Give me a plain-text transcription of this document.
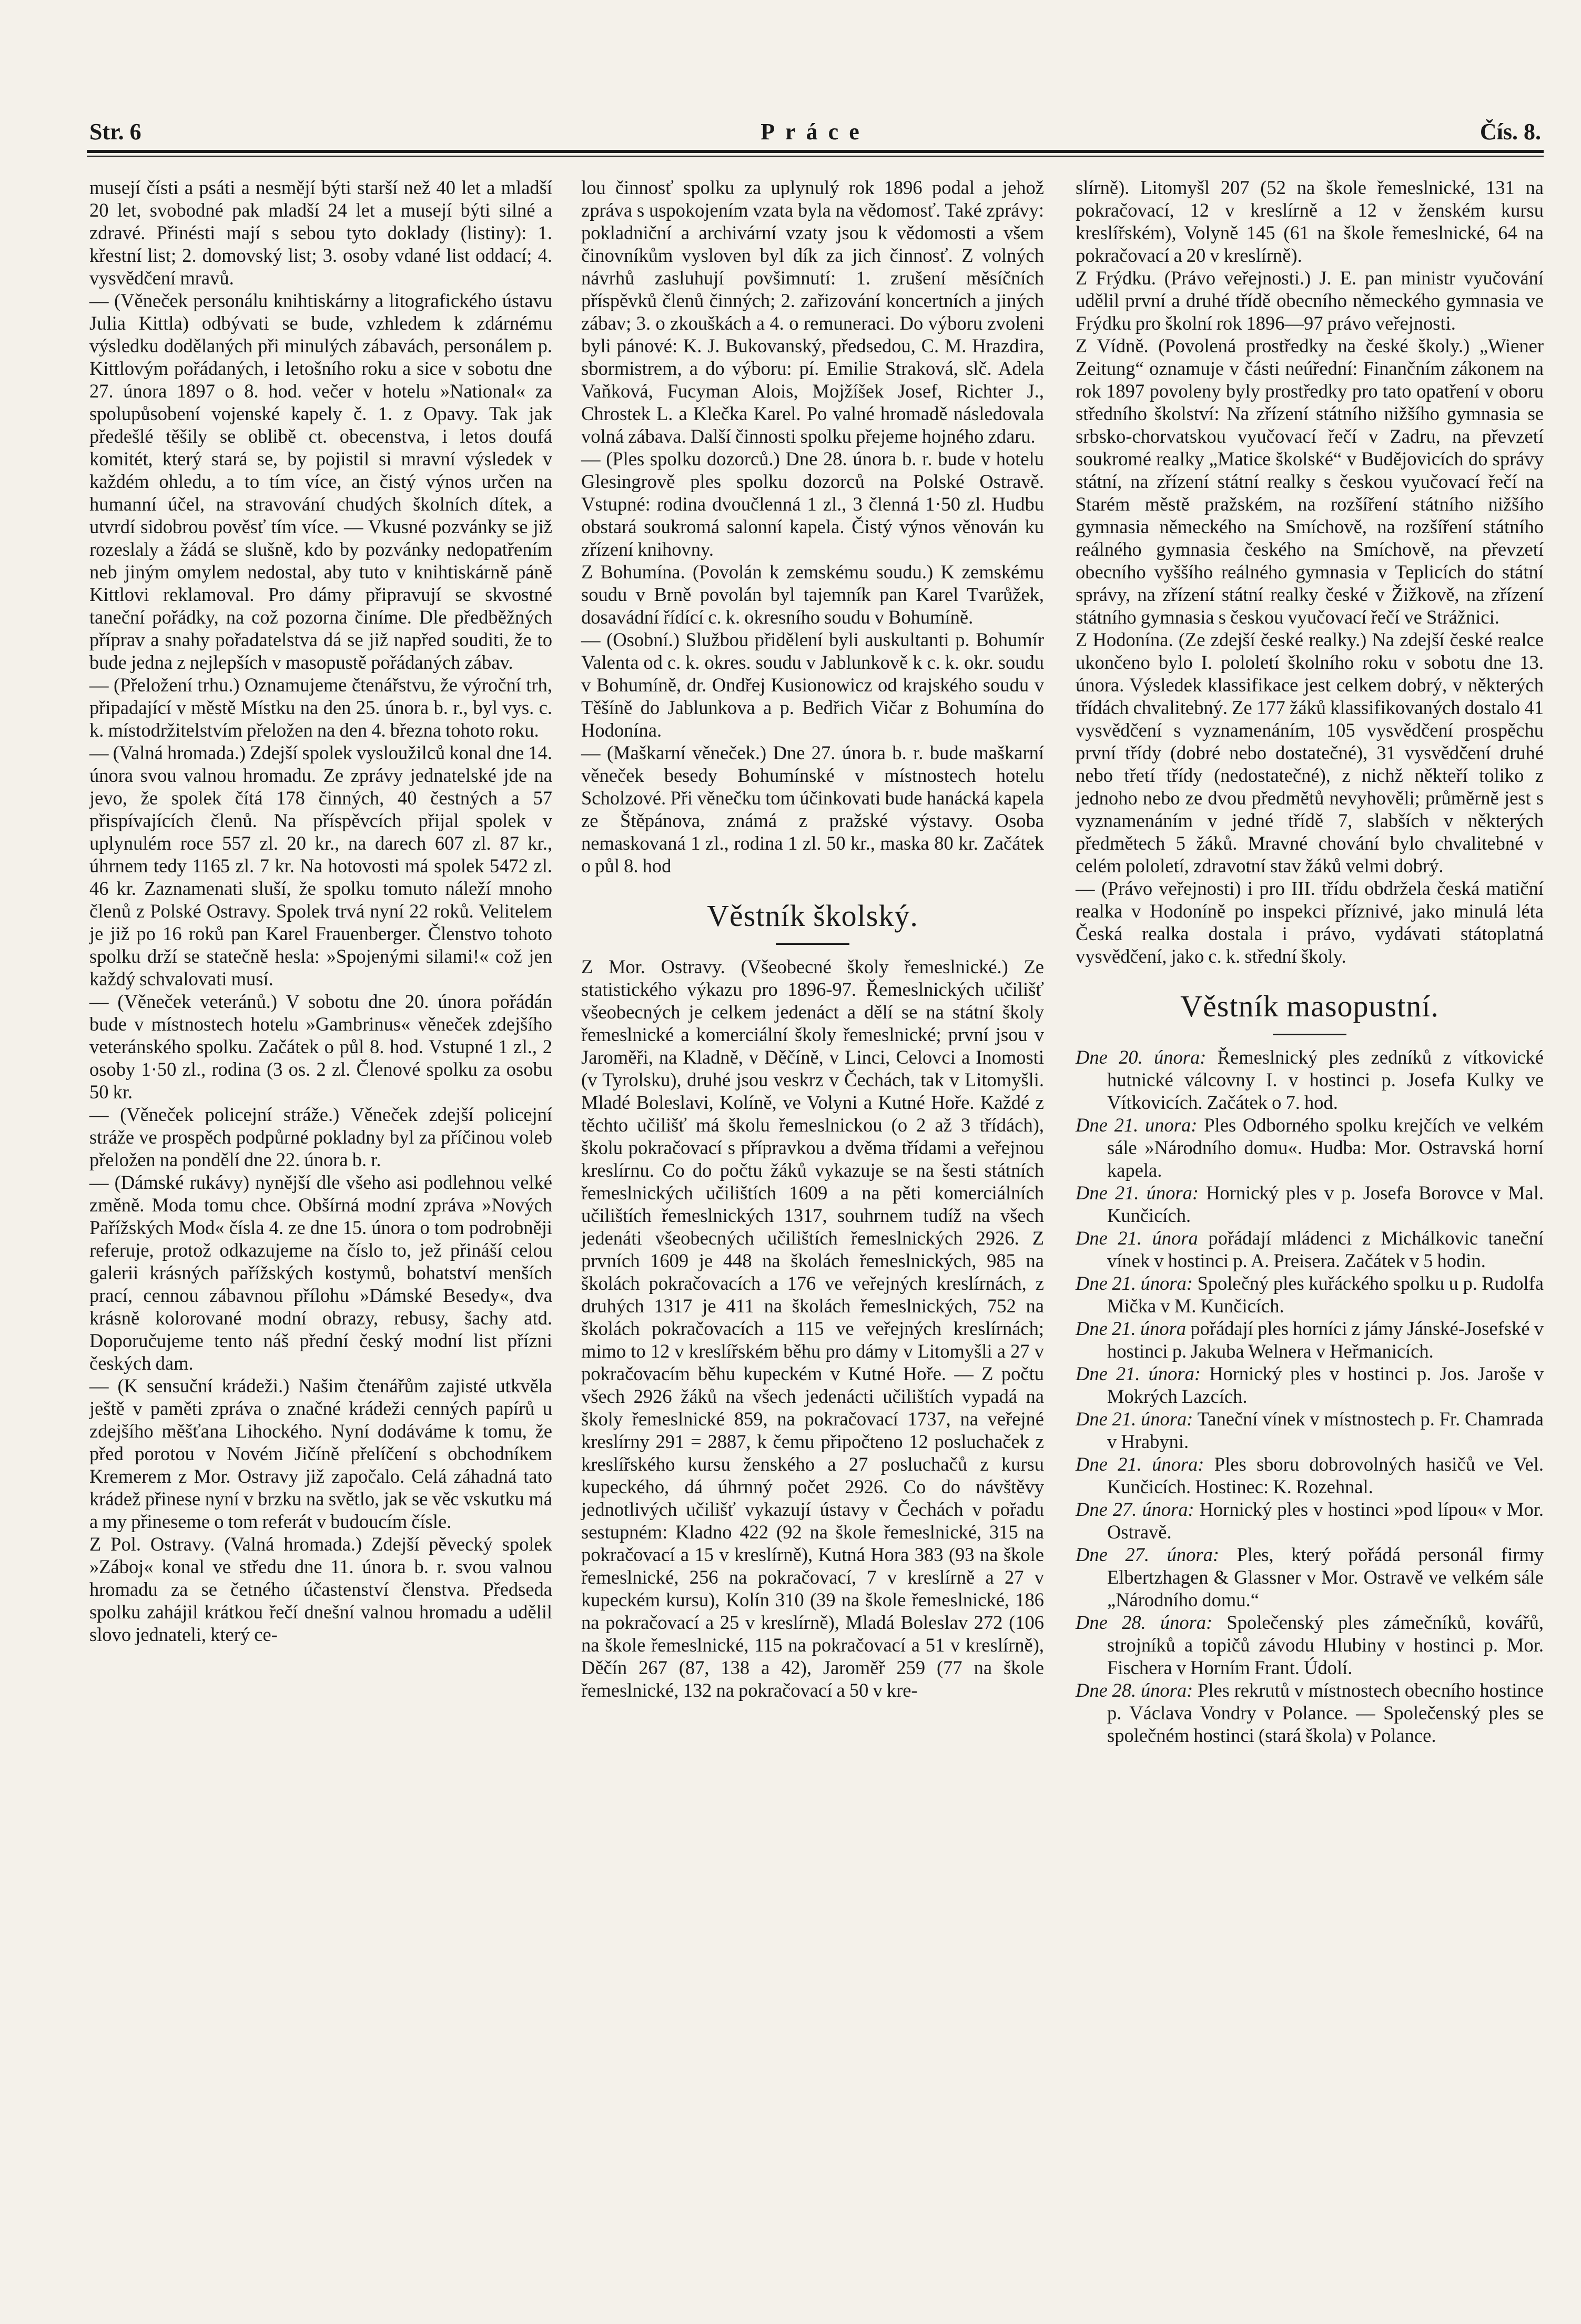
Str. 6	Práce	Čís. 8.

musejí čísti a psáti a nesmějí býti starší než 40 let a mladší 20 let, svobodné pak mladší 24 let a musejí býti silné a zdravé. Přinésti mají s sebou tyto doklady (listiny): 1. křestní list; 2. domovský list; 3. osoby vdané list oddací; 4. vysvědčení mravů.

— (Věneček personálu knihtiskárny a litografického ústavu Julia Kittla) odbývati se bude, vzhledem k zdárnému výsledku dodělaných při minulých zábavách, personálem p. Kittlovým pořádaných, i letošního roku a sice v sobotu dne 27. února 1897 o 8. hod. večer v hotelu »National« za spolupůsobení vojenské kapely č. 1. z Opavy. Tak jak předešlé těšily se oblibě ct. obecenstva, i letos doufá komitét, který stará se, by pojistil si mravní výsledek v každém ohledu, a to tím více, an čistý výnos určen na humanní účel, na stravování chudých školních dítek, a utvrdí sidobrou pověsť tím více. — Vkusné pozvánky se již rozeslaly a žádá se slušně, kdo by pozvánky nedopatřením neb jiným omylem nedostal, aby tuto v knihtiskárně páně Kittlovi reklamoval. Pro dámy připravují se skvostné taneční pořádky, na což pozorna činíme. Dle předběžných příprav a snahy pořadatelstva dá se již napřed souditi, že to bude jedna z nejlepších v masopustě pořádaných zábav.

— (Přeložení trhu.) Oznamujeme čtenářstvu, že výroční trh, připadající v městě Místku na den 25. února b. r., byl vys. c. k. místodržitelstvím přeložen na den 4. března tohoto roku.

— (Valná hromada.) Zdejší spolek vysloužilců konal dne 14. února svou valnou hromadu. Ze zprávy jednatelské jde na jevo, že spolek čítá 178 činných, 40 čestných a 57 přispívajících členů. Na příspěvcích přijal spolek v uplynulém roce 557 zl. 20 kr., na darech 607 zl. 87 kr., úhrnem tedy 1165 zl. 7 kr. Na hotovosti má spolek 5472 zl. 46 kr. Zaznamenati sluší, že spolku tomuto náleží mnoho členů z Polské Ostravy. Spolek trvá nyní 22 roků. Velitelem je již po 16 roků pan Karel Frauenberger. Členstvo tohoto spolku drží se statečně hesla: »Spojenými silami!« což jen každý schvalovati musí.

— (Věneček veteránů.) V sobotu dne 20. února pořádán bude v místnostech hotelu »Gambrinus« věneček zdejšího veteránského spolku. Začátek o půl 8. hod. Vstupné 1 zl., 2 osoby 1·50 zl., rodina (3 os. 2 zl. Členové spolku za osobu 50 kr.

— (Věneček policejní stráže.) Věneček zdejší policejní stráže ve prospěch podpůrné pokladny byl za příčinou voleb přeložen na pondělí dne 22. února b. r.

— (Dámské rukávy) nynější dle všeho asi podlehnou velké změně. Moda tomu chce. Obšírná modní zpráva »Nových Pařížských Mod« čísla 4. ze dne 15. února o tom podrobněji referuje, protož odkazujeme na číslo to, jež přináší celou galerii krásných pařížských kostymů, bohatství menších prací, cennou zábavnou přílohu »Dámské Besedy«, dva krásně kolorované modní obrazy, rebusy, šachy atd. Doporučujeme tento náš přední český modní list přízni českých dam.

— (K sensuční krádeži.) Našim čtenářům zajisté utkvěla ještě v paměti zpráva o značné krádeži cenných papírů u zdejšího měšťana Lihockého. Nyní dodáváme k tomu, že před porotou v Novém Jičíně přelíčení s obchodníkem Kremerem z Mor. Ostravy již započalo. Celá záhadná tato krádež přinese nyní v brzku na světlo, jak se věc vskutku má a my přineseme o tom referát v budoucím čísle.

Z Pol. Ostravy. (Valná hromada.) Zdejší pěvecký spolek »Záboj« konal ve středu dne 11. února b. r. svou valnou hromadu za se četného účastenství členstva. Předseda spolku zahájil krátkou řečí dnešní valnou hromadu a udělil slovo jednateli, který ce-

lou činnosť spolku za uplynulý rok 1896 podal a jehož zpráva s uspokojením vzata byla na vědomosť. Také zprávy: pokladniční a archivární vzaty jsou k vědomosti a všem činovníkům vysloven byl dík za jich činnosť. Z volných návrhů zasluhují povšimnutí: 1. zrušení měsíčních příspěvků členů činných; 2. zařizování koncertních a jiných zábav; 3. o zkouškách a 4. o remuneraci. Do výboru zvoleni byli pánové: K. J. Bukovanský, předsedou, C. M. Hrazdira, sbormistrem, a do výboru: pí. Emilie Straková, slč. Adela Vaňková, Fucyman Alois, Mojžíšek Josef, Richter J., Chrostek L. a Klečka Karel. Po valné hromadě následovala volná zábava. Další činnosti spolku přejeme hojného zdaru.

— (Ples spolku dozorců.) Dne 28. února b. r. bude v hotelu Glesingrově ples spolku dozorců na Polské Ostravě. Vstupné: rodina dvoučlenná 1 zl., 3 členná 1·50 zl. Hudbu obstará soukromá salonní kapela. Čistý výnos věnován ku zřízení knihovny.

Z Bohumína. (Povolán k zemskému soudu.) K zemskému soudu v Brně povolán byl tajemník pan Karel Tvarůžek, dosavádní řídící c. k. okresního soudu v Bohumíně.

— (Osobní.) Službou přidělení byli auskultanti p. Bohumír Valenta od c. k. okres. soudu v Jablunkově k c. k. okr. soudu v Bohumíně, dr. Ondřej Kusionowicz od krajského soudu v Těšíně do Jablunkova a p. Bedřich Vičar z Bohumína do Hodonína.

— (Maškarní věneček.) Dne 27. února b. r. bude maškarní věneček besedy Bohumínské v místnostech hotelu Scholzové. Při věnečku tom účinkovati bude hanácká kapela ze Štěpánova, známá z pražské výstavy. Osoba nemaskovaná 1 zl., rodina 1 zl. 50 kr., maska 80 kr. Začátek o půl 8. hod

Věstník školský.

Z Mor. Ostravy. (Všeobecné školy řemeslnické.) Ze statistického výkazu pro 1896-97. Řemeslnických učilišť všeobecných je celkem jedenáct a dělí se na státní školy řemeslnické a komerciální školy řemeslnické; první jsou v Jaroměři, na Kladně, v Děčíně, v Linci, Celovci a Inomosti (v Tyrolsku), druhé jsou veskrz v Čechách, tak v Litomyšli. Mladé Boleslavi, Kolíně, ve Volyni a Kutné Hoře. Každé z těchto učilišť má školu řemeslnickou (o 2 až 3 třídách), školu pokračovací s přípravkou a dvěma třídami a veřejnou kreslírnu. Co do počtu žáků vykazuje se na šesti státních řemeslnických učilištích 1609 a na pěti komerciálních učilištích řemeslnických 1317, souhrnem tudíž na všech jedenáti všeobecných učilištích řemeslnických 2926. Z prvních 1609 je 448 na školách řemeslnických, 985 na školách pokračovacích a 176 ve veřejných kreslírnách, z druhých 1317 je 411 na školách řemeslnických, 752 na školách pokračovacích a 115 ve veřejných kreslírnách; mimo to 12 v kreslířském běhu pro dámy v Litomyšli a 27 v pokračovacím běhu kupeckém v Kutné Hoře. — Z počtu všech 2926 žáků na všech jedenácti učilištích vypadá na školy řemeslnické 859, na pokračovací 1737, na veřejné kreslírny 291 = 2887, k čemu připočteno 12 posluchaček z kreslířského kursu ženského a 27 posluchačů z kursu kupeckého, dá úhrnný počet 2926. Co do návštěvy jednotlivých učilišť vykazují ústavy v Čechách v pořadu sestupném: Kladno 422 (92 na škole řemeslnické, 315 na pokračovací a 15 v kreslírně), Kutná Hora 383 (93 na škole řemeslnické, 256 na pokračovací, 7 v kreslírně a 27 v kupeckém kursu), Kolín 310 (39 na škole řemeslnické, 186 na pokračovací a 25 v kreslírně), Mladá Boleslav 272 (106 na škole řemeslnické, 115 na pokračovací a 51 v kreslírně), Děčín 267 (87, 138 a 42), Jaroměř 259 (77 na škole řemeslnické, 132 na pokračovací a 50 v kre-

slírně). Litomyšl 207 (52 na škole řemeslnické, 131 na pokračovací, 12 v kreslírně a 12 v ženském kursu kreslířském), Volyně 145 (61 na škole řemeslnické, 64 na pokračovací a 20 v kreslírně).

Z Frýdku. (Právo veřejnosti.) J. E. pan ministr vyučování udělil první a druhé třídě obecního německého gymnasia ve Frýdku pro školní rok 1896—97 právo veřejnosti.

Z Vídně. (Povolená prostředky na české školy.) „Wiener Zeitung“ oznamuje v části neúřední: Finančním zákonem na rok 1897 povoleny byly prostředky pro tato opatření v oboru středního školství: Na zřízení státního nižšího gymnasia se srbsko-chorvatskou vyučovací řečí v Zadru, na převzetí soukromé realky „Matice školské“ v Budějovicích do správy státní, na zřízení státní realky s českou vyučovací řečí na Starém městě pražském, na rozšíření státního nižšího gymnasia německého na Smíchově, na rozšíření státního reálného gymnasia českého na Smíchově, na převzetí obecního vyššího reálného gymnasia v Teplicích do státní správy, na zřízení státní realky české v Žižkově, na zřízení státního gymnasia s českou vyučovací řečí ve Strážnici.

Z Hodonína. (Ze zdejší české realky.) Na zdejší české realce ukončeno bylo I. pololetí školního roku v sobotu dne 13. února. Výsledek klassifikace jest celkem dobrý, v některých třídách chvalitebný. Ze 177 žáků klassifikovaných dostalo 41 vysvědčení s vyznamenáním, 105 vysvědčení prospěchu první třídy (dobré nebo dostatečné), 31 vysvědčení druhé nebo třetí třídy (nedostatečné), z nichž někteří toliko z jednoho nebo ze dvou předmětů nevyhověli; průměrně jest s vyznamenáním v jedné třídě 7, slabších v některých předmětech 5 žáků. Mravné chování bylo chvalitebné v celém pololetí, zdravotní stav žáků velmi dobrý.

— (Právo veřejnosti) i pro III. třídu obdržela česká matiční realka v Hodoníně po inspekci příznivé, jako minulá léta Česká realka dostala i právo, vydávati státoplatná vysvědčení, jako c. k. střední školy.

Věstník masopustní.

Dne 20. února: Řemeslnický ples zedníků z vítkovické hutnické válcovny I. v hostinci p. Josefa Kulky ve Vítkovicích. Začátek o 7. hod.

Dne 21. unora: Ples Odborného spolku krejčích ve velkém sále »Národního domu«. Hudba: Mor. Ostravská horní kapela.

Dne 21. února: Hornický ples v p. Josefa Borovce v Mal. Kunčicích.

Dne 21. února pořádají mládenci z Michálkovic taneční vínek v hostinci p. A. Preisera. Začátek v 5 hodin.

Dne 21. února: Společný ples kuřáckého spolku u p. Rudolfa Mička v M. Kunčicích.

Dne 21. února pořádají ples horníci z jámy Jánské-Josefské v hostinci p. Jakuba Welnera v Heřmanicích.

Dne 21. února: Hornický ples v hostinci p. Jos. Jaroše v Mokrých Lazcích.

Dne 21. února: Taneční vínek v místnostech p. Fr. Chamrada v Hrabyni.

Dne 21. února: Ples sboru dobrovolných hasičů ve Vel. Kunčicích. Hostinec: K. Rozehnal.

Dne 27. února: Hornický ples v hostinci »pod lípou« v Mor. Ostravě.

Dne 27. února: Ples, který pořádá personál firmy Elbertzhagen & Glassner v Mor. Ostravě ve velkém sále „Národního domu.“

Dne 28. února: Společenský ples zámečníků, kovářů, strojníků a topičů závodu Hlubiny v hostinci p. Mor. Fischera v Horním Frant. Údolí.

Dne 28. února: Ples rekrutů v místnostech obecního hostince p. Václava Vondry v Polance. — Společenský ples se společném hostinci (stará škola) v Polance.
